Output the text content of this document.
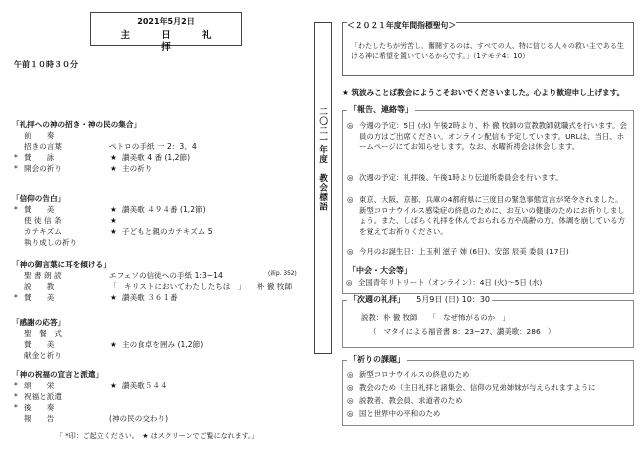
2021年5月2日
主 日 礼 拝
午前１０時３０分
「礼拝への神の招き・神の民の集合」
前　　奏
招きの言葉	ペトロの手紙 一 2：3、4
* 賛　　詠	★ 讃美歌 4 番 (1,2節)
* 開会の祈り	★ 主の祈り
「信仰の告白」
* 賛　　美	★ 讃美歌 ４９４番 (1,2節)
使 徒 信 条	★
カテキズム	★ 子どもと親のカテキズム 5
執り成しの祈り
「神の御言葉に耳を傾ける」
聖 書 朗 読	エフェソの信徒への手紙 1:3−14	(新p. 352)
説　　教	「　キリストにおいてわたしたちは　」　　朴 徹 牧師
* 賛　　美	★ 讃美歌 ３６１番
「感謝の応答」
聖　餐　式
賛　　美	★ 主の食卓を囲み (1,2節)
献金と祈り
「神の祝福の宣言と派遣」
* 頌　　栄	★ 讃美歌５４４
* 祝福と派遣
* 後　　奏
報　　告	(神の民の交わり)
「 *印：ご起立ください。　★ はスクリーンでご覧になれます。」
二〇二一年度　教会標語
＜２０２１年度年間指標聖句＞
「わたしたちが労苦し、奮闘するのは、すべての人、特に信じる人々の救い主である生ける神に希望を置いているからです。」（1テモテ4：10）
★ 筑波みことば教会にようこそおいでくださいました。心より歓迎申し上げます。
「報告、連絡等」
◎ 今週の予定：5日 (水) 午後2時より、朴 徹 牧師の宣教教師就職式を行います。会員の方はご出席ください。オンライン配信も予定しています。URLは、当日、ホームページにてお知らせします。なお、水曜祈祷会は休会します。
◎ 次週の予定：礼拝後、午後1時より伝道所委員会を行います。
◎ 東京、大阪、京都、兵庫の4都府県に三度目の緊急事態宣言が発令されました。新型コロナウイルス感染症の終息のために、お互いの健康のためにお祈りしましょう。また、しばらく礼拝を休んでおられる方や高齢の方、体調を崩している方を覚えてお祈りください。
◎ 今月のお誕生日：上玉利 滋子 姉 (6日)、安部 辰美 委員 (17日)
「中会・大会等」
◎ 全国青年リトリート（オンライン）：4日 (火)〜5日 (水)
「次週の礼拝」 5月9日 (日) 10：30
説教：朴 徹 牧師　　「　なぜ怖がるのか　」
（　マタイによる福音書 8：23−27、讃美歌：286　）
「祈りの課題」
◎ 新型コロナウイルスの終息のため
◎ 教会のため（主日礼拝と諸集会、信仰の兄弟姉妹が与えられますように
◎ 説教者、教会員、求道者のため
◎ 国と世界中の平和のため
